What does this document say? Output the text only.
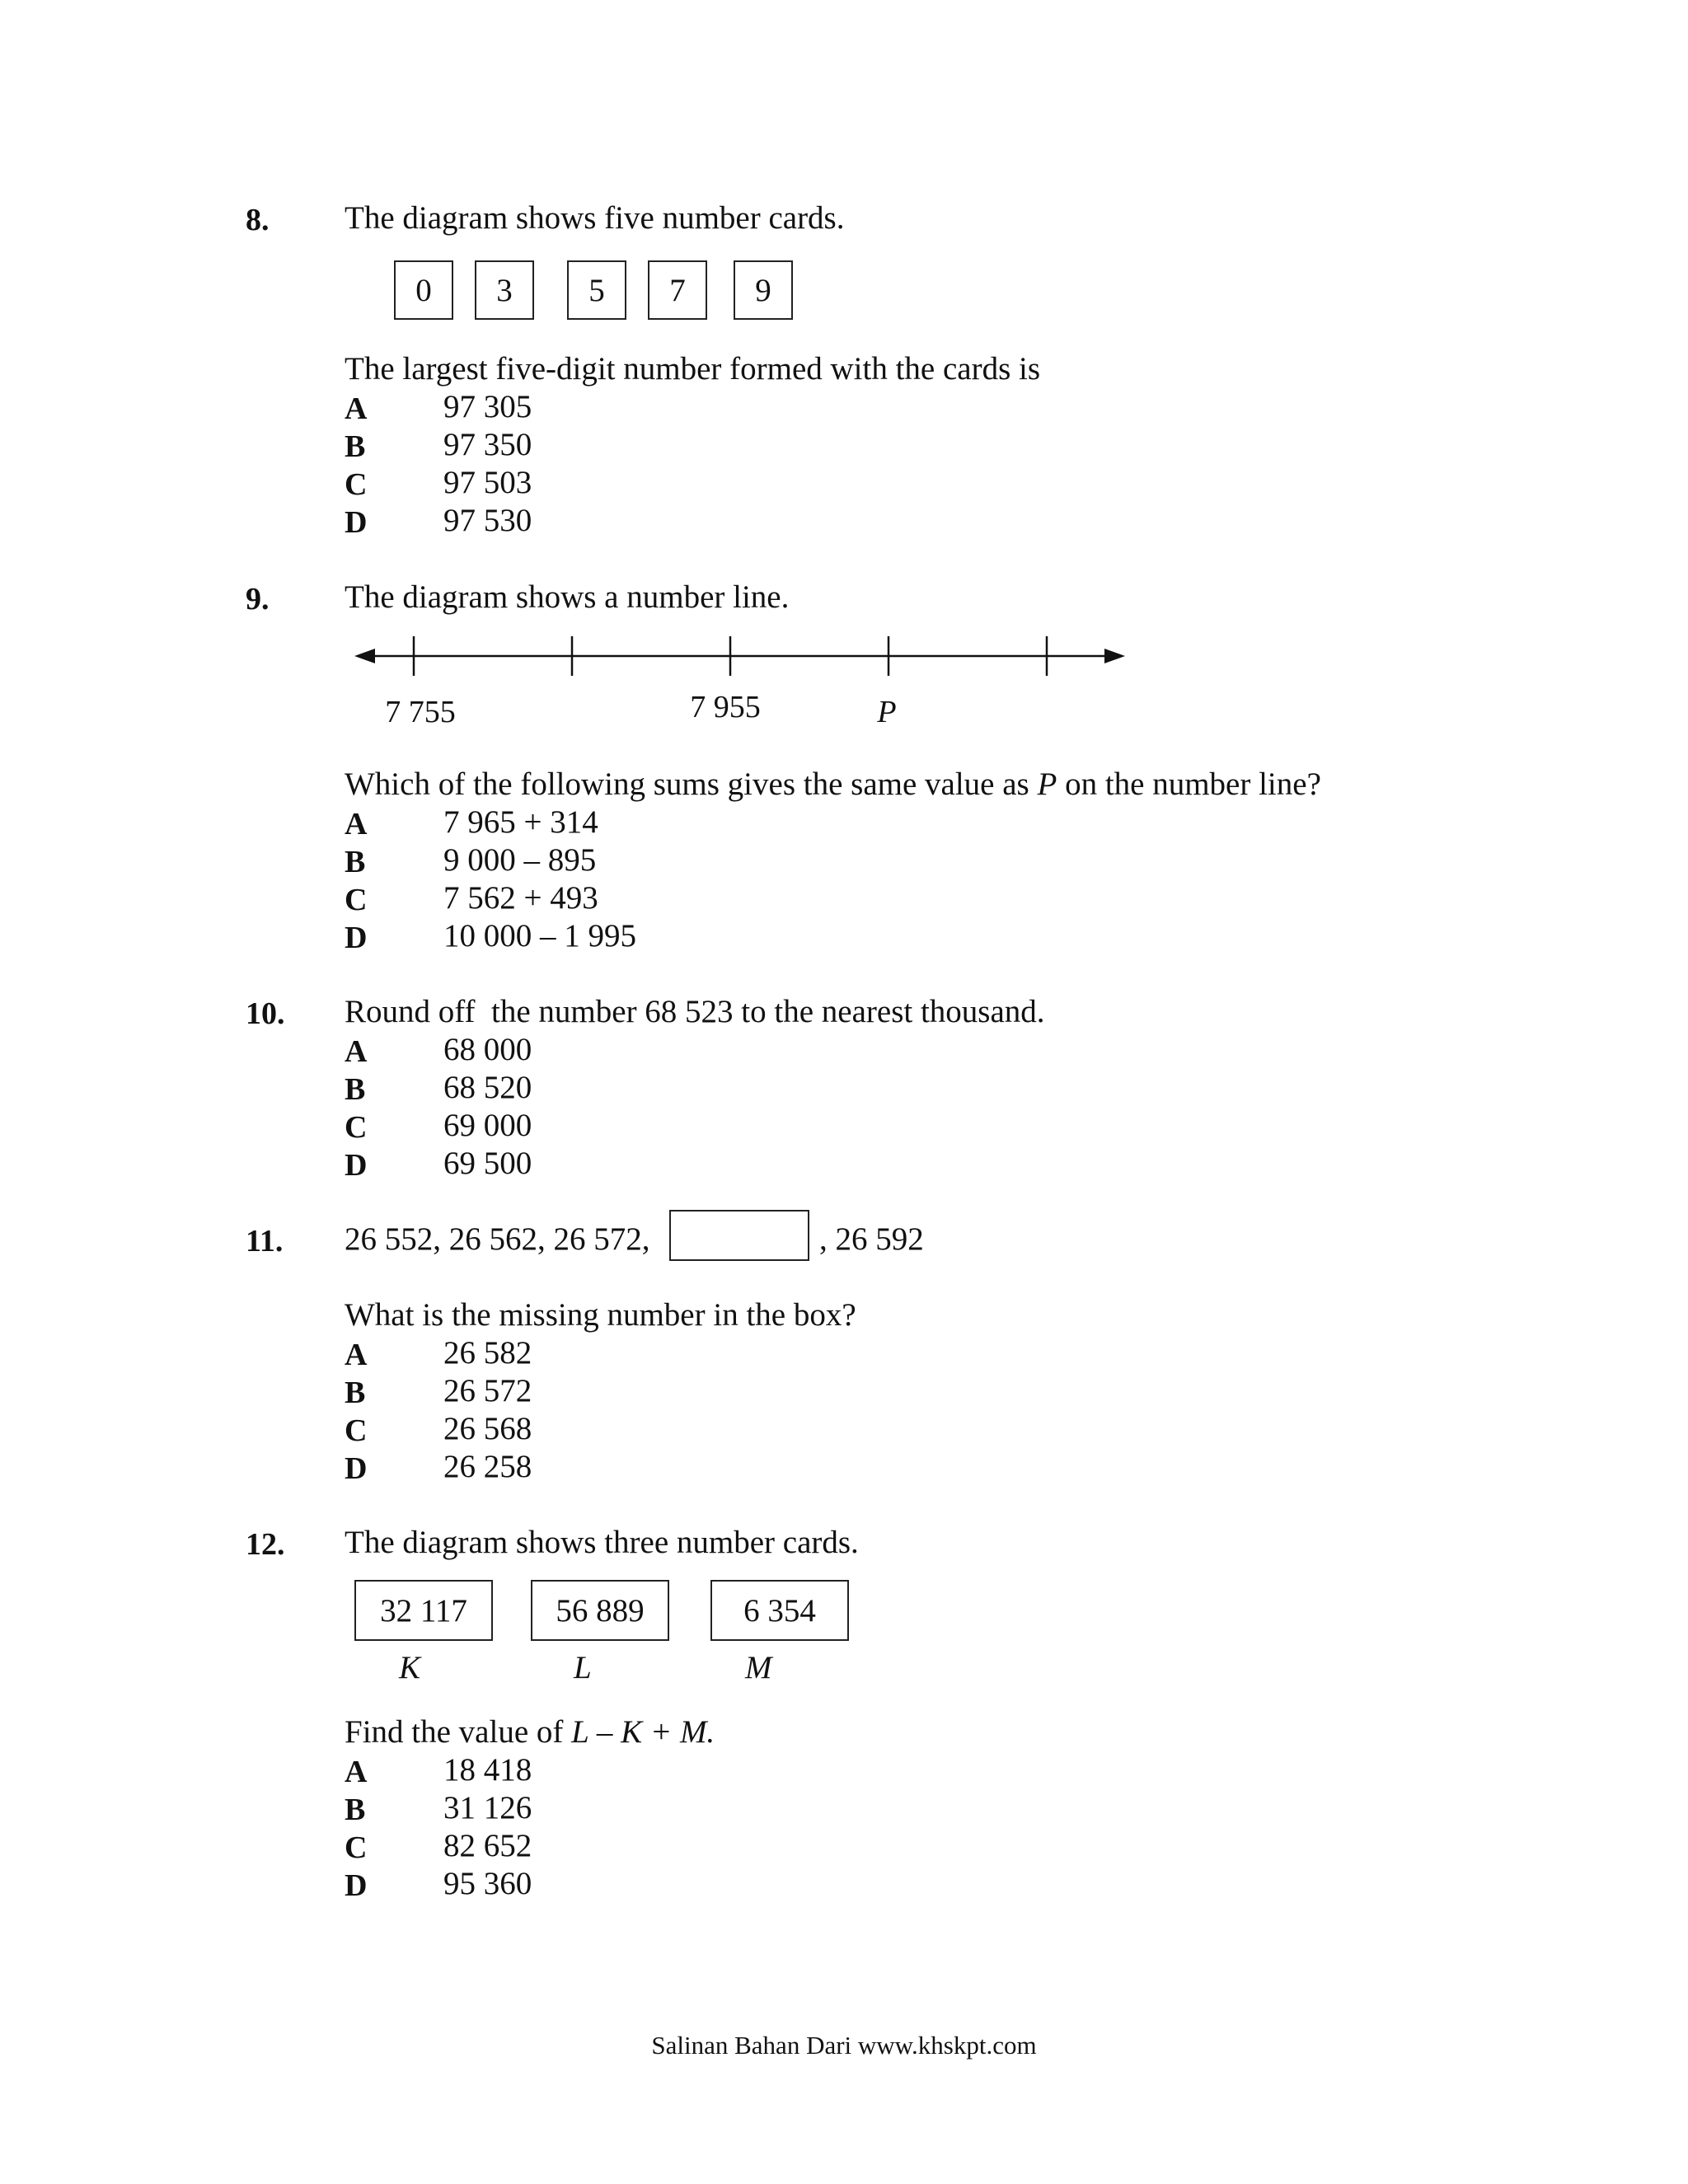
8. The diagram shows five number cards.
0	3	5	7	9
The largest five-digit number formed with the cards is
A 97 305
B 97 350
C 97 503
D 97 530
9. The diagram shows a number line.
7 755	7 955	P
Which of the following sums gives the same value as P on the number line?
A 7 965 + 314
B 9 000 – 895
C 7 562 + 493
D 10 000 – 1 995
10. Round off  the number 68 523 to the nearest thousand.
A 68 000
B 68 520
C 69 000
D 69 500
11. 26 552, 26 562, 26 572,	, 26 592
What is the missing number in the box?
A 26 582
B 26 572
C 26 568
D 26 258
12. The diagram shows three number cards.
32 117	56 889	6 354
K	L	M
Find the value of L – K + M.
A 18 418
B 31 126
C 82 652
D 95 360
Salinan Bahan Dari www.khskpt.com
